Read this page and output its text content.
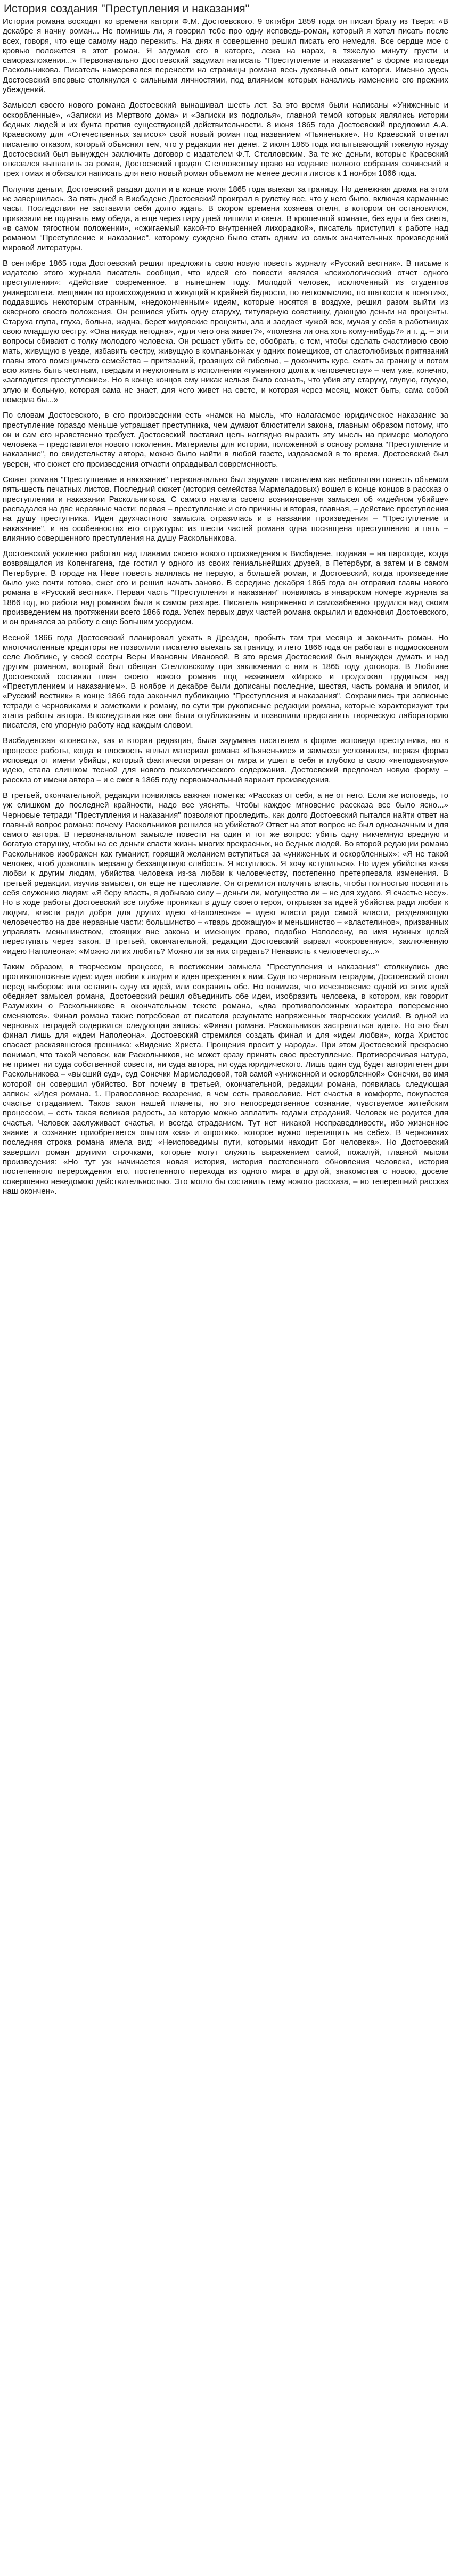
История создания "Преступления и наказания"

Истории романа восходят ко времени каторги Ф.М. Достоевского. 9 октября 1859 года он писал брату из Твери: «В декабре я начну роман... Не помнишь ли, я говорил тебе про одну исповедь-роман, который я хотел писать после всех, говоря, что еще самому надо пережить. На днях я совершенно решил писать его немедля. Все сердце мое с кровью положится в этот роман. Я задумал его в каторге, лежа на нарах, в тяжелую минуту грусти и саморазложения...» Первоначально Достоевский задумал написать "Преступление и наказание" в форме исповеди Раскольникова. Писатель намеревался перенести на страницы романа весь духовный опыт каторги. Именно здесь Достоевский впервые столкнулся с сильными личностями, под влиянием которых начались изменение его прежних убеждений.

Замысел своего нового романа Достоевский вынашивал шесть лет. За это время были написаны «Униженные и оскорбленные», «Записки из Мертвого дома» и «Записки из подполья», главной темой которых являлись истории бедных людей и их бунта против существующей действительности. 8 июня 1865 года Достоевский предложил А.А. Краевскому для «Отечественных записок» свой новый роман под названием «Пьяненькие». Но Краевский ответил писателю отказом, который объяснил тем, что у редакции нет денег. 2 июля 1865 года испытывающий тяжелую нужду Достоевский был вынужден заключить договор с издателем Ф.Т. Стелловским. За те же деньги, которые Краевский отказался выплатить за роман, Достоевский продал Стелловскому право на издание полного собрания сочинений в трех томах и обязался написать для него новый роман объемом не менее десяти листов к 1 ноября 1866 года.

Получив деньги, Достоевский раздал долги и в конце июля 1865 года выехал за границу. Но денежная драма на этом не завершилась. За пять дней в Висбадене Достоевский проиграл в рулетку все, что у него было, включая карманные часы. Последствия не заставили себя долго ждать. В скором времени хозяева отеля, в котором он остановился, приказали не подавать ему обеда, а еще через пару дней лишили и света. В крошечной комнате, без еды и без света, «в самом тягостном положении», «сжигаемый какой-то внутренней лихорадкой», писатель приступил к работе над романом "Преступление и наказание", которому суждено было стать одним из самых значительных произведений мировой литературы.

В сентябре 1865 года Достоевский решил предложить свою новую повесть журналу «Русский вестник». В письме к издателю этого журнала писатель сообщил, что идеей его повести являлся «психологический отчет одного преступления»: «Действие современное, в нынешнем году. Молодой человек, исключенный из студентов университета, мещанин по происхождению и живущий в крайней бедности, по легкомыслию, по шаткости в понятиях, поддавшись некоторым странным, «недоконченным» идеям, которые носятся в воздухе, решил разом выйти из скверного своего положения. Он решился убить одну старуху, титулярную советницу, дающую деньги на проценты. Старуха глупа, глуха, больна, жадна, берет жидовские проценты, зла и заедает чужой век, мучая у себя в работницах свою младшую сестру. «Она никуда негодна», «для чего она живет?», «полезна ли она хоть кому-нибудь?» и т. д. – эти вопросы сбивают с толку молодого человека. Он решает убить ее, обобрать, с тем, чтобы сделать счастливою свою мать, живущую в уезде, избавить сестру, живущую в компаньонках у одних помещиков, от сластолюбивых притязаний главы этого помещичьего семейства – притязаний, грозящих ей гибелью, – докончить курс, ехать за границу и потом всю жизнь быть честным, твердым и неуклонным в исполнении «гуманного долга к человечеству» – чем уже, конечно, «загладится преступление». Но в конце концов ему никак нельзя было сознать, что убив эту старуху, глупую, глухую, злую и больную, которая сама не знает, для чего живет на свете, и которая через месяц, может быть, сама собой померла бы...»

По словам Достоевского, в его произведении есть «намек на мысль, что налагаемое юридическое наказание за преступление гораздо меньше устрашает преступника, чем думают блюстители закона, главным образом потому, что он и сам его нравственно требует. Достоевский поставил цель наглядно выразить эту мысль на примере молодого человека – представителя нового поколения. Материалы для истории, положенной в основу романа "Преступление и наказание", по свидетельству автора, можно было найти в любой газете, издаваемой в то время. Достоевский был уверен, что сюжет его произведения отчасти оправдывал современность.

Сюжет романа "Преступление и наказание" первоначально был задуман писателем как небольшая повесть объемом пять-шесть печатных листов. Последний сюжет (история семейства Мармеладовых) вошел в конце концов в рассказ о преступлении и наказании Раскольникова. С самого начала своего возникновения замысел об «идейном убийце» распадался на две неравные части: первая – преступление и его причины и вторая, главная, – действие преступления на душу преступника. Идея двухчастного замысла отразилась и в названии произведения – "Преступление и наказание", и на особенностях его структуры: из шести частей романа одна посвящена преступлению и пять – влиянию совершенного преступления на душу Раскольникова.

Достоевский усиленно работал над главами своего нового произведения в Висбадене, подавая – на пароходе, когда возвращался из Копенгагена, где гостил у одного из своих гениальнейших друзей, в Петербург, а затем и в самом Петербурге. В городе на Неве повесть являлась не первую, а большей роман, и Достоевский, когда произведение было уже почти готово, сжег его и решил начать заново. В середине декабря 1865 года он отправил главы нового романа в «Русский вестник». Первая часть "Преступления и наказания" появилась в январском номере журнала за 1866 год, но работа над романом была в самом разгаре. Писатель напряженно и самозабвенно трудился над своим произведением на протяжении всего 1866 года. Успех первых двух частей романа окрылил и вдохновил Достоевского, и он принялся за работу с еще большим усердием.

Весной 1866 года Достоевский планировал уехать в Дрезден, пробыть там три месяца и закончить роман. Но многочисленные кредиторы не позволили писателю выехать за границу, и лето 1866 года он работал в подмосковном селе Люблине, у своей сестры Веры Ивановны Ивановой. В это время Достоевский был вынужден думать и над другим романом, который был обещан Стелловскому при заключении с ним в 1865 году договора. В Люблине Достоевский составил план своего нового романа под названием «Игрок» и продолжал трудиться над «Преступлением и наказанием». В ноябре и декабре были дописаны последние, шестая, часть романа и эпилог, и «Русский вестник» в конце 1866 года закончил публикацию "Преступления и наказания". Сохранились три записные тетради с черновиками и заметками к роману, по сути три рукописные редакции романа, которые характеризуют три этапа работы автора. Впоследствии все они были опубликованы и позволили представить творческую лабораторию писателя, его упорную работу над каждым словом.

Висбаденская «повесть», как и вторая редакция, была задумана писателем в форме исповеди преступника, но в процессе работы, когда в плоскость вплыл материал романа «Пьяненькие» и замысел усложнился, первая форма исповеди от имени убийцы, который фактически отрезан от мира и ушел в себя и глубоко в свою «неподвижную» идею, стала слишком тесной для нового психологического содержания. Достоевский предпочел новую форму – рассказ от имени автора – и с сжег в 1865 году первоначальный вариант произведения.

В третьей, окончательной, редакции появилась важная пометка: «Рассказ от себя, а не от него. Если же исповедь, то уж слишком до последней крайности, надо все уяснять. Чтобы каждое мгновение рассказа все было ясно...» Черновые тетради "Преступления и наказания" позволяют проследить, как долго Достоевский пытался найти ответ на главный вопрос романа: почему Раскольников решился на убийство? Ответ на этот вопрос не был однозначным и для самого автора. В первоначальном замысле повести на один и тот же вопрос: убить одну никчемную вредную и богатую старушку, чтобы на ее деньги спасти жизнь многих прекрасных, но бедных людей. Во второй редакции романа Раскольников изображен как гуманист, горящий желанием вступиться за «униженных и оскорбленных»: «Я не такой человек, чтоб дозволить мерзавцу беззащитную слабость. Я вступлюсь. Я хочу вступиться». Но идея убийства из-за любви к другим людям, убийства человека из-за любви к человечеству, постепенно претерпевала изменения. В третьей редакции, изучив замысел, он еще не тщеславие. Он стремится получить власть, чтобы полностью посвятить себя служению людям: «Я беру власть, я добываю силу – деньги ли, могущество ли – не для худого. Я счастье несу». Но в ходе работы Достоевский все глубже проникал в душу своего героя, открывая за идеей убийства ради любви к людям, власти ради добра для других идею «Наполеона» – идею власти ради самой власти, разделяющую человечество на две неравные части: большинство – «тварь дрожащую» и меньшинство – «властелинов», призванных управлять меньшинством, стоящих вне закона и имеющих право, подобно Наполеону, во имя нужных целей переступать через закон. В третьей, окончательной, редакции Достоевский вырвал «сокровенную», заключенную «идею Наполеона»: «Можно ли их любить? Можно ли за них страдать? Ненависть к человечеству...»

Таким образом, в творческом процессе, в постижении замысла "Преступления и наказания" столкнулись две противоположные идеи: идея любви к людям и идея презрения к ним. Судя по черновым тетрадям, Достоевский стоял перед выбором: или оставить одну из идей, или сохранить обе. Но понимая, что исчезновение одной из этих идей обедняет замысел романа, Достоевский решил объединить обе идеи, изобразить человека, в котором, как говорит Разумихин о Раскольникове в окончательном тексте романа, «два противоположных характера попеременно сменяются». Финал романа также потребовал от писателя результате напряженных творческих усилий. В одной из черновых тетрадей содержится следующая запись: «Финал романа. Раскольников застрелиться идет». Но это был финал лишь для «идеи Наполеона». Достоевский стремился создать финал и для «идеи любви», когда Христос спасает раскаявшегося грешника: «Видение Христа. Прощения просит у народа». При этом Достоевский прекрасно понимал, что такой человек, как Раскольников, не может сразу принять свое преступление. Противоречивая натура, не примет ни суда собственной совести, ни суда автора, ни суда юридического. Лишь один суд будет авторитетен для Раскольникова – «высший суд», суд Сонечки Мармеладовой, той самой «униженной и оскорбленной» Сонечки, во имя которой он совершил убийство. Вот почему в третьей, окончательной, редакции романа, появилась следующая запись: «Идея романа. 1. Православное воззрение, в чем есть православие. Нет счастья в комфорте, покупается счастье страданием. Таков закон нашей планеты, но это непосредственное сознание, чувствуемое житейским процессом, – есть такая великая радость, за которую можно заплатить годами страданий. Человек не родится для счастья. Человек заслуживает счастья, и всегда страданием. Тут нет никакой несправедливости, ибо жизненное знание и сознание приобретается опытом «за» и «против», которое нужно перетащить на себе». В черновиках последняя строка романа имела вид: «Неисповедимы пути, которыми находит Бог человека». Но Достоевский завершил роман другими строчками, которые могут служить выражением самой, пожалуй, главной мысли произведения: «Но тут уж начинается новая история, история постепенного обновления человека, история постепенного перерождения его, постепенного перехода из одного мира в другой, знакомства с новою, доселе совершенно неведомою действительностью. Это могло бы составить тему нового рассказа, – но теперешний рассказ наш окончен».
